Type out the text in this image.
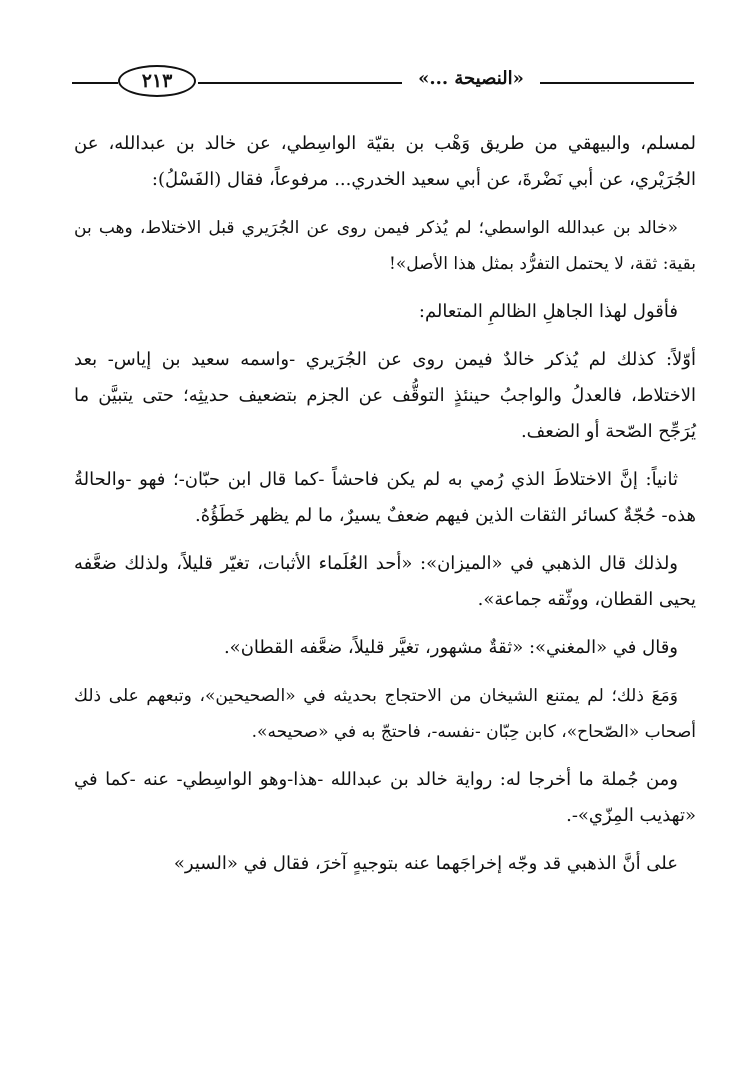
٢١٣	«النصيحة ...»

لمسلم، والبيهقي من طريق وَهْب بن بقيّة الواسِطي، عن خالد بن عبدالله، عن الجُرَيْري، عن أبي نَضْرةَ، عن أبي سعيد الخدري... مرفوعاً، فقال (الفَسْلُ):

«خالد بن عبدالله الواسطي؛ لم يُذكر فيمن روى عن الجُرَيري قبل الاختلاط، وهب بن بقية: ثقة، لا يحتمل التفرُّد بمثل هذا الأصل»!

فأقول لهذا الجاهلِ الظالمِ المتعالم:

أوّلاً: كذلك لم يُذكر خالدٌ فيمن روى عن الجُرَيري -واسمه سعيد بن إياس- بعد الاختلاط، فالعدلُ والواجبُ حينئذٍ التوقُّف عن الجزم بتضعيف حديثِه؛ حتى يتبيَّن ما يُرَجِّح الصّحة أو الضعف.

ثانياً: إنَّ الاختلاطَ الذي رُمي به لم يكن فاحشاً -كما قال ابن حبّان-؛ فهو -والحالةُ هذه- حُجّةٌ كسائر الثقات الذين فيهم ضعفٌ يسيرٌ، ما لم يظهر خَطَؤُهُ.

ولذلك قال الذهبي في «الميزان»: «أحد العُلَماء الأثبات، تغيّر قليلاً، ولذلك ضعَّفه يحيى القطان، ووثّقه جماعة».

وقال في «المغني»: «ثقةٌ مشهور، تغيَّر قليلاً، ضعَّفه القطان».

وَمَعَ ذلك؛ لم يمتنع الشيخان من الاحتجاج بحديثه في «الصحيحين»، وتبعهم على ذلك أصحاب «الصّحاح»، كابن حِبّان -نفسه-، فاحتجّ به في «صحيحه».

ومن جُملة ما أخرجا له: رواية خالد بن عبدالله -هذا-وهو الواسِطي- عنه -كما في «تهذيب المِزّي»-.

على أنَّ الذهبي قد وجّه إخراجَهما عنه بتوجيهٍ آخرَ، فقال في «السير»
